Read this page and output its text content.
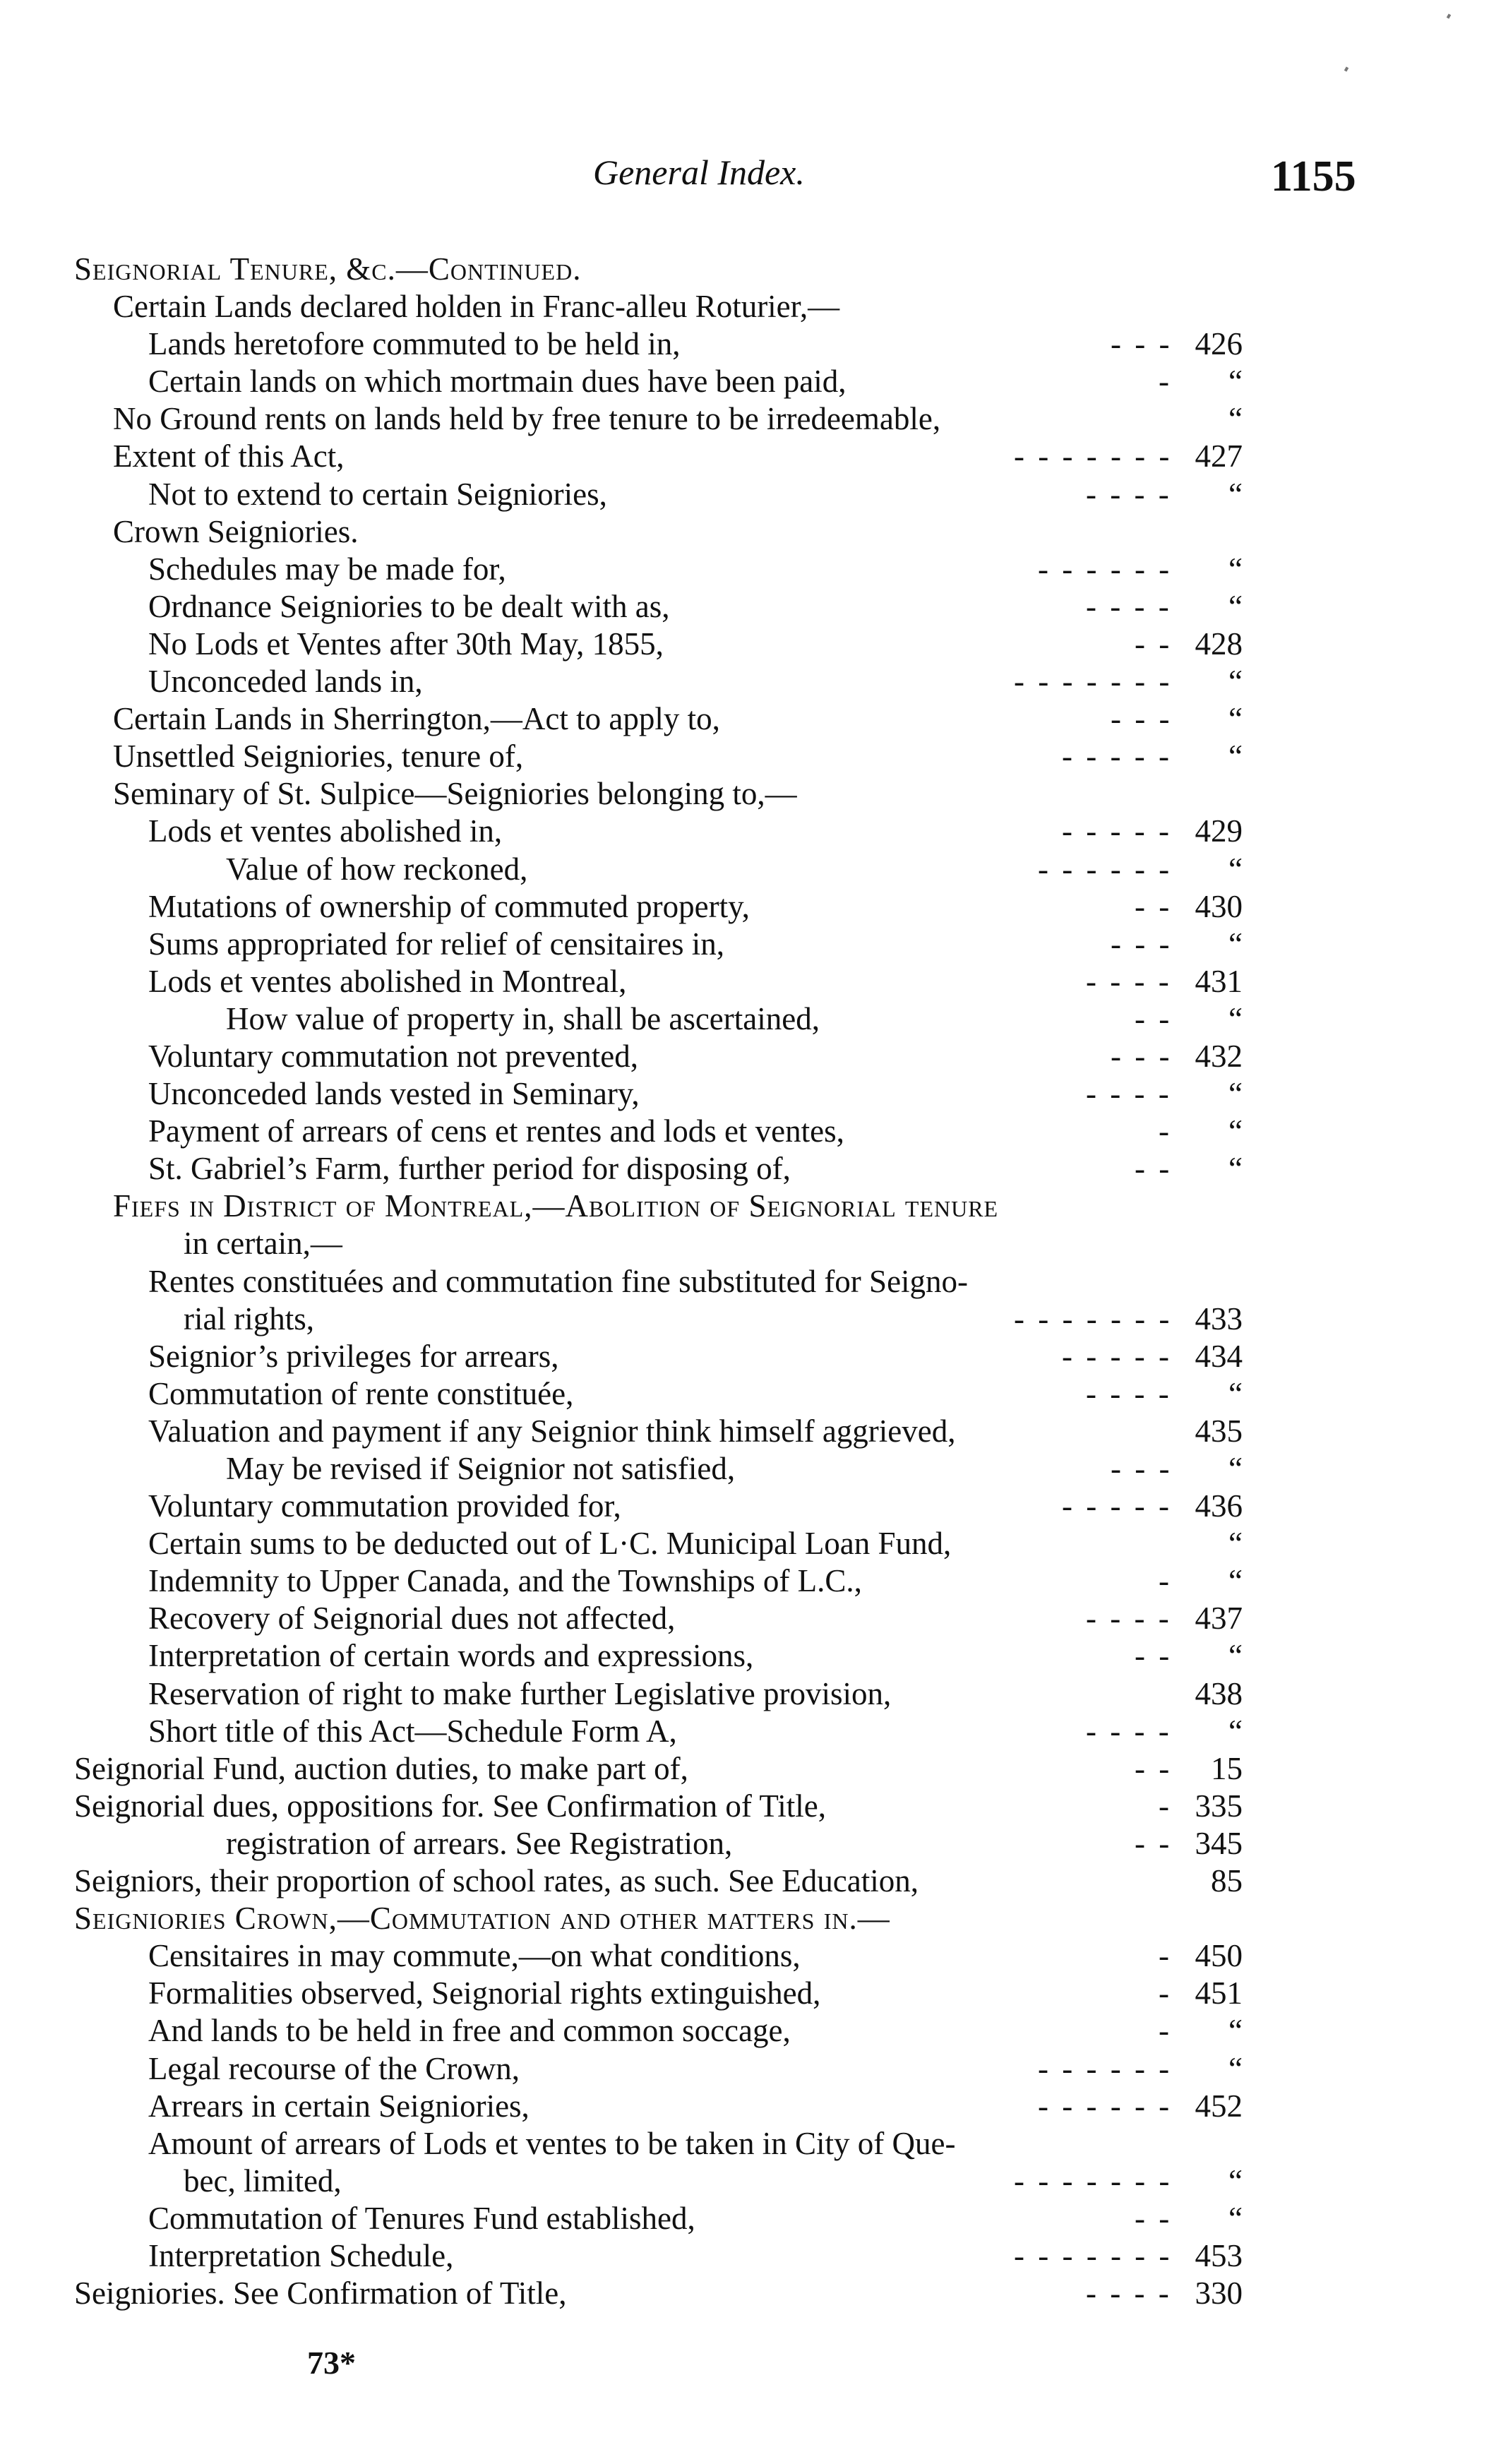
General Index.	1155
Seignorial Tenure, &c.—Continued.
Certain Lands declared holden in Franc-alleu Roturier,—
Lands heretofore commuted to be held in,	- - - 426
Certain lands on which mortmain dues have been paid,	-	“
No Ground rents on lands held by free tenure to be irredeemable,	“
Extent of this Act,	- - - - - - - 427
Not to extend to certain Seigniories,	- - - -	“
Crown Seigniories.
Schedules may be made for,	- - - - - -	“
Ordnance Seigniories to be dealt with as,	- - - -	“
No Lods et Ventes after 30th May, 1855,	- - 428
Unconceded lands in,	- - - - - - -	“
Certain Lands in Sherrington,—Act to apply to,	- - -	“
Unsettled Seigniories, tenure of,	- - - - -	“
Seminary of St. Sulpice—Seigniories belonging to,—
Lods et ventes abolished in,	- - - - - 429
Value of how reckoned,	- - - - - -	“
Mutations of ownership of commuted property,	- - 430
Sums appropriated for relief of censitaires in,	- - -	“
Lods et ventes abolished in Montreal,	- - - - 431
How value of property in, shall be ascertained,	- -	“
Voluntary commutation not prevented,	- - - 432
Unconceded lands vested in Seminary,	- - - -	“
Payment of arrears of cens et rentes and lods et ventes,	-	“
St. Gabriel’s Farm, further period for disposing of,	- -	“
Fiefs in District of Montreal,—Abolition of Seignorial tenure
in certain,—
Rentes constituées and commutation fine substituted for Seigno-
rial rights,	- - - - - - - 433
Seignior’s privileges for arrears,	- - - - - 434
Commutation of rente constituée,	- - - -	“
Valuation and payment if any Seignior think himself aggrieved,	435
May be revised if Seignior not satisfied,	- - -	“
Voluntary commutation provided for,	- - - - - 436
Certain sums to be deducted out of L·C. Municipal Loan Fund,	“
Indemnity to Upper Canada, and the Townships of L.C.,	-	“
Recovery of Seignorial dues not affected,	- - - - 437
Interpretation of certain words and expressions,	- -	“
Reservation of right to make further Legislative provision,	438
Short title of this Act—Schedule Form A,	- - - -	“
Seignorial Fund, auction duties, to make part of,	- -	15
Seignorial dues, oppositions for. See Confirmation of Title,	- 335
registration of arrears. See Registration,	- - 345
Seigniors, their proportion of school rates, as such. See Education,	85
Seigniories Crown,—Commutation and other matters in.—
Censitaires in may commute,—on what conditions,	- 450
Formalities observed, Seignorial rights extinguished,	- 451
And lands to be held in free and common soccage,	-	“
Legal recourse of the Crown,	- - - - - -	“
Arrears in certain Seigniories,	- - - - - - 452
Amount of arrears of Lods et ventes to be taken in City of Que-
bec, limited,	- - - - - - -	“
Commutation of Tenures Fund established,	- -	“
Interpretation Schedule,	- - - - - - - 453
Seigniories. See Confirmation of Title,	- - - - 330
73*
